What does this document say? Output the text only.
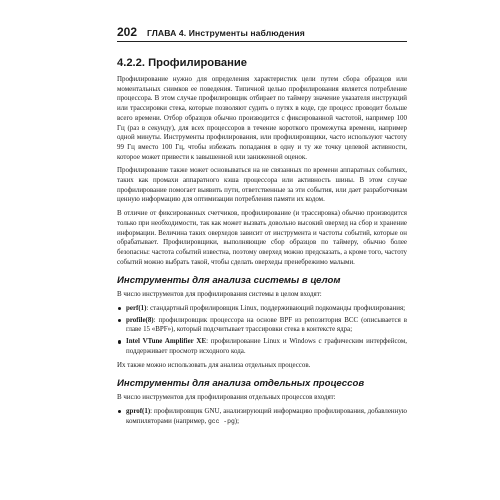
202 ГЛАВА 4. Инструменты наблюдения
4.2.2. Профилирование

Профилирование нужно для определения характеристик цели путем сбора образцов или моментальных снимков ее поведения. Типичной целью профилирования является потребление процессора. В этом случае профилировщик отбирает по таймеру значение указателя инструкций или трассировки стека, которые позволяют судить о путях в коде, где процесс проводит больше всего времени. Отбор образцов обычно производится с фиксированной частотой, например 100 Гц (раз в секунду), для всех процессоров в течение короткого промежутка времени, например одной минуты. Инструменты профилирования, или профилировщики, часто используют частоту 99 Гц вместо 100 Гц, чтобы избежать попадания в одну и ту же точку целевой активности, которое может привести к завышенной или заниженной оценок.

Профилирование также может основываться на не связанных по времени аппаратных событиях, таких как промахи аппаратного кэша процессора или активность шины. В этом случае профилирование помогает выявить пути, ответственные за эти события, или дает разработчикам ценную информацию для оптимизации потребления памяти их кодом.

В отличие от фиксированных счетчиков, профилирование (и трассировка) обычно производится только при необходимости, так как может вызвать довольно высокий оверхед на сбор и хранение информации. Величина таких оверхедов зависит от инструмента и частоты событий, которые он обрабатывает. Профилировщики, выполняющие сбор образцов по таймеру, обычно более безопасны: частота событий известна, поэтому оверхед можно предсказать, а кроме того, частоту событий можно выбрать такой, чтобы сделать оверхеды пренебрежимо малыми.

Инструменты для анализа системы в целом

В число инструментов для профилирования системы в целом входят:

perf(1): стандартный профилировщик Linux, поддерживающий подкоманды профилирования;
profile(8): профилировщик процессора на основе BPF из репозитория BCC (описывается в главе 15 «BPF»), который подсчитывает трассировки стека в контексте ядра;
Intel VTune Amplifier XE: профилирование Linux и Windows с графическим интерфейсом, поддерживает просмотр исходного кода.

Их также можно использовать для анализа отдельных процессов.

Инструменты для анализа отдельных процессов

В число инструментов для профилирования отдельных процессов входят:

gprof(1): профилировщик GNU, анализирующий информацию профилирования, добавленную компиляторами (например, gcc -pg);
